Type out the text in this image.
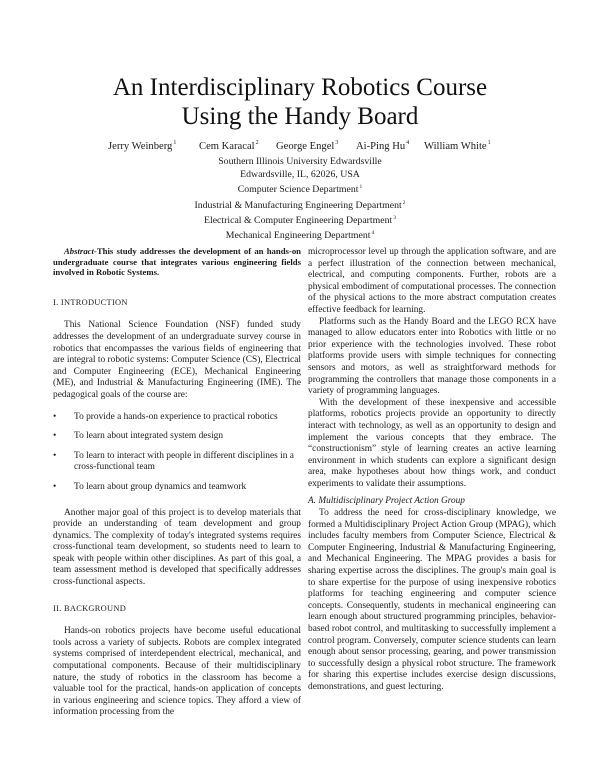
An Interdisciplinary Robotics Course
Using the Handy Board
Jerry Weinberg$^1$ Cem Karacal$^2$ George Engel$^3$ Ai-Ping Hu$^4$ William White$^1$
Southern Illinois University Edwardsville
Edwardsville, IL, 62026, USA
Computer Science Department$^1$
Industrial & Manufacturing Engineering Department$^2$
Electrical & Computer Engineering Department$^3$
Mechanical Engineering Department$^4$

Abstract-This study addresses the development of an hands-on undergraduate course that integrates various engineering fields involved in Robotic Systems.

I. INTRODUCTION

This National Science Foundation (NSF) funded study addresses the development of an undergraduate survey course in robotics that encompasses the various fields of engineering that are integral to robotic systems: Computer Science (CS), Electrical and Computer Engineering (ECE), Mechanical Engineering (ME), and Industrial & Manufacturing Engineering (IME). The pedagogical goals of the course are:

• To provide a hands-on experience to practical robotics
• To learn about integrated system design
• To learn to interact with people in different disciplines in a cross-functional team
• To learn about group dynamics and teamwork

Another major goal of this project is to develop materials that provide an understanding of team development and group dynamics. The complexity of today's integrated systems requires cross-functional team development, so students need to learn to speak with people within other disciplines. As part of this goal, a team assessment method is developed that specifically addresses cross-functional aspects.

II. BACKGROUND

Hands-on robotics projects have become useful educational tools across a variety of subjects. Robots are complex integrated systems comprised of interdependent electrical, mechanical, and computational components. Because of their multidisciplinary nature, the study of robotics in the classroom has become a valuable tool for the practical, hands-on application of concepts in various engineering and science topics. They afford a view of information processing from the

microprocessor level up through the application software, and are a perfect illustration of the connection between mechanical, electrical, and computing components. Further, robots are a physical embodiment of computational processes. The connection of the physical actions to the more abstract computation creates effective feedback for learning.

Platforms such as the Handy Board and the LEGO RCX have managed to allow educators enter into Robotics with little or no prior experience with the technologies involved. These robot platforms provide users with simple techniques for connecting sensors and motors, as well as straightforward methods for programming the controllers that manage those components in a variety of programming languages.

With the development of these inexpensive and accessible platforms, robotics projects provide an opportunity to directly interact with technology, as well as an opportunity to design and implement the various concepts that they embrace. The “constructionism” style of learning creates an active learning environment in which students can explore a significant design area, make hypotheses about how things work, and conduct experiments to validate their assumptions.

A. Multidisciplinary Project Action Group

To address the need for cross-disciplinary knowledge, we formed a Multidisciplinary Project Action Group (MPAG), which includes faculty members from Computer Science, Electrical & Computer Engineering, Industrial & Manufacturing Engineering, and Mechanical Engineering. The MPAG provides a basis for sharing expertise across the disciplines. The group's main goal is to share expertise for the purpose of using inexpensive robotics platforms for teaching engineering and computer science concepts. Consequently, students in mechanical engineering can learn enough about structured programming principles, behavior-based robot control, and multitasking to successfully implement a control program. Conversely, computer science students can learn enough about sensor processing, gearing, and power transmission to successfully design a physical robot structure. The framework for sharing this expertise includes exercise design discussions, demonstrations, and guest lecturing.
